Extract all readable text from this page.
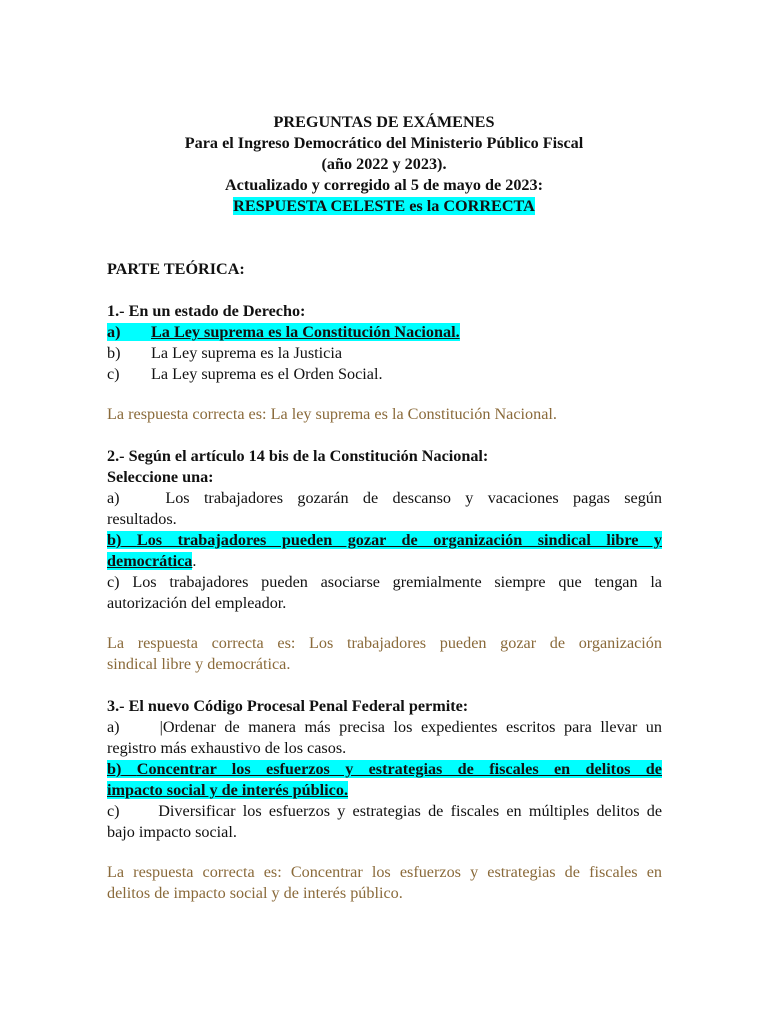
PREGUNTAS DE EXÁMENES
Para el Ingreso Democrático del Ministerio Público Fiscal
(año 2022 y 2023).
Actualizado y corregido al 5 de mayo de 2023:
RESPUESTA CELESTE es la CORRECTA
PARTE TEÓRICA:
1.- En un estado de Derecho:
a) La Ley suprema es la Constitución Nacional.
b) La Ley suprema es la Justicia
c) La Ley suprema es el Orden Social.
La respuesta correcta es: La ley suprema es la Constitución Nacional.
2.- Según el artículo 14 bis de la Constitución Nacional:
Seleccione una:
a)	Los trabajadores gozarán de descanso y vacaciones pagas según
resultados.
b) Los trabajadores pueden gozar de organización sindical libre y
democrática.
c) Los trabajadores pueden asociarse gremialmente siempre que tengan la
autorización del empleador.
La respuesta correcta es: Los trabajadores pueden gozar de organización
sindical libre y democrática.
3.- El nuevo Código Procesal Penal Federal permite:
a) |Ordenar de manera más precisa los expedientes escritos para llevar un
registro más exhaustivo de los casos.
b) Concentrar los esfuerzos y estrategias de fiscales en delitos de
impacto social y de interés público.
c) Diversificar los esfuerzos y estrategias de fiscales en múltiples delitos de
bajo impacto social.
La respuesta correcta es: Concentrar los esfuerzos y estrategias de fiscales en
delitos de impacto social y de interés público.
